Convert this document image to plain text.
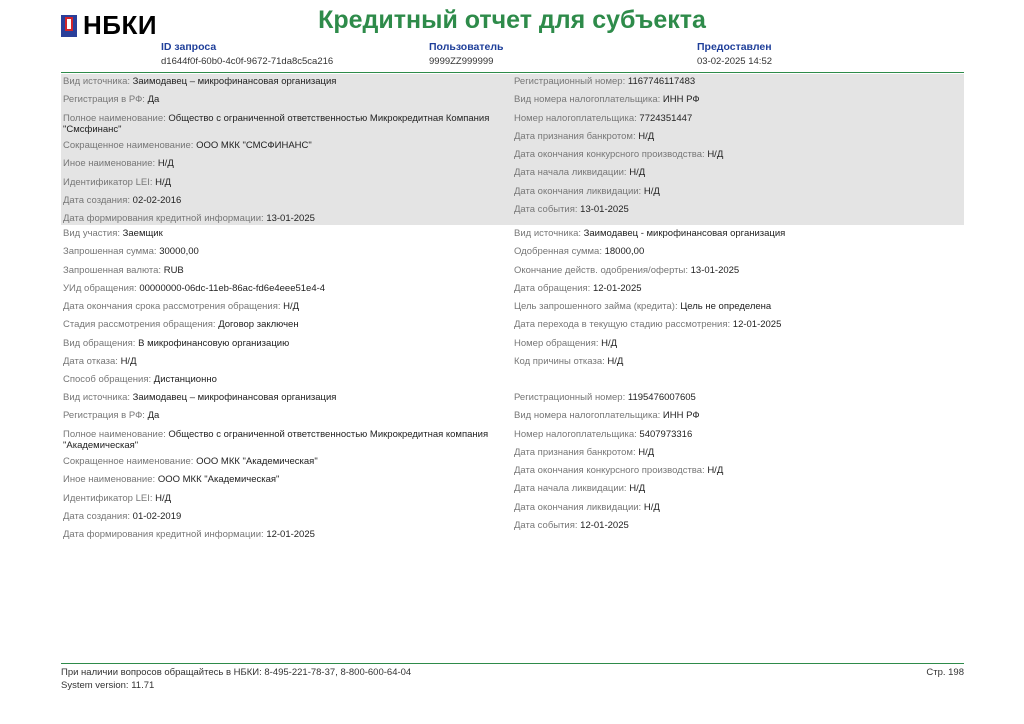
НБКИ	Кредитный отчет для субъекта
ID запроса
d1644f0f-60b0-4c0f-9672-71da8c5ca216
Пользователь
9999ZZ999999
Предоставлен
03-02-2025 14:52
Вид источника: Заимодавец – микрофинансовая организация
Регистрация в РФ: Да
Полное наименование: Общество с ограниченной ответственностью Микрокредитная Компания "Смсфинанс"
Сокращенное наименование: ООО МКК "СМСФИНАНС"
Иное наименование: Н/Д
Идентификатор LEI: Н/Д
Дата создания: 02-02-2016
Дата формирования кредитной информации: 13-01-2025
Регистрационный номер: 1167746117483
Вид номера налогоплательщика: ИНН РФ
Номер налогоплательщика: 7724351447
Дата признания банкротом: Н/Д
Дата окончания конкурсного производства: Н/Д
Дата начала ликвидации: Н/Д
Дата окончания ликвидации: Н/Д
Дата события: 13-01-2025
Вид участия: Заемщик
Запрошенная сумма: 30000,00
Запрошенная валюта: RUB
УИд обращения: 00000000-06dc-11eb-86ac-fd6e4eee51e4-4
Дата окончания срока рассмотрения обращения: Н/Д
Стадия рассмотрения обращения: Договор заключен
Вид обращения: В микрофинансовую организацию
Дата отказа: Н/Д
Способ обращения: Дистанционно
Вид источника: Заимодавец - микрофинансовая организация
Одобренная сумма: 18000,00
Окончание действ. одобрения/оферты: 13-01-2025
Дата обращения: 12-01-2025
Цель запрошенного займа (кредита): Цель не определена
Дата перехода в текущую стадию рассмотрения: 12-01-2025
Номер обращения: Н/Д
Код причины отказа: Н/Д
Вид источника: Заимодавец – микрофинансовая организация
Регистрация в РФ: Да
Полное наименование: Общество с ограниченной ответственностью Микрокредитная компания "Академическая"
Сокращенное наименование: ООО МКК "Академическая"
Иное наименование: ООО МКК "Академическая"
Идентификатор LEI: Н/Д
Дата создания: 01-02-2019
Дата формирования кредитной информации: 12-01-2025
Регистрационный номер: 1195476007605
Вид номера налогоплательщика: ИНН РФ
Номер налогоплательщика: 5407973316
Дата признания банкротом: Н/Д
Дата окончания конкурсного производства: Н/Д
Дата начала ликвидации: Н/Д
Дата окончания ликвидации: Н/Д
Дата события: 12-01-2025
При наличии вопросов обращайтесь в НБКИ: 8-495-221-78-37, 8-800-600-64-04
System version: 11.71
Стр. 198
